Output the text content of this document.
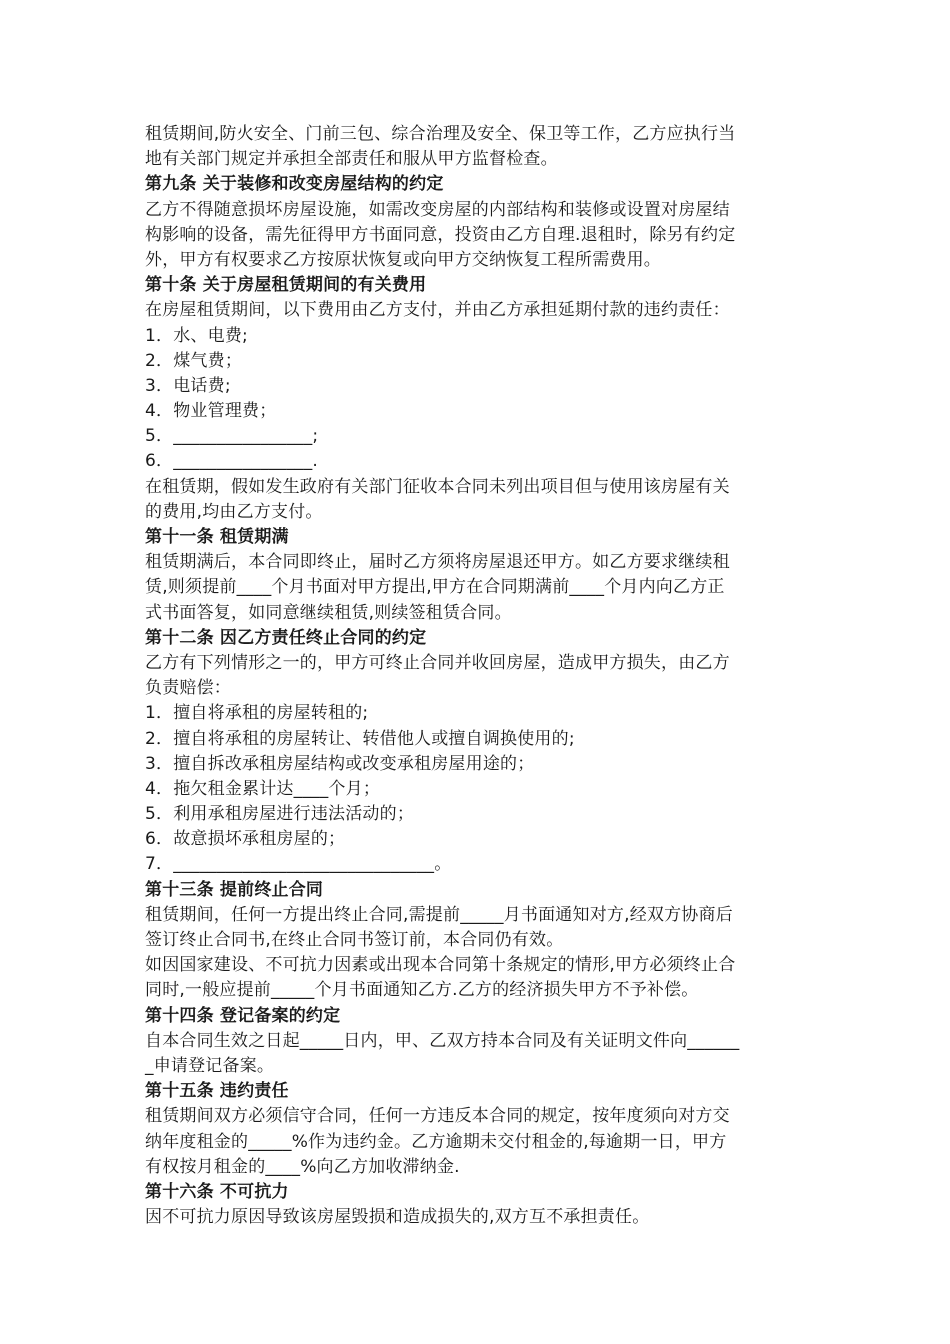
租赁期间,防火安全、门前三包、综合治理及安全、保卫等工作，乙方应执行当
地有关部门规定并承担全部责任和服从甲方监督检查。
第九条 关于装修和改变房屋结构的约定
乙方不得随意损坏房屋设施，如需改变房屋的内部结构和装修或设置对房屋结
构影响的设备，需先征得甲方书面同意，投资由乙方自理.退租时，除另有约定
外，甲方有权要求乙方按原状恢复或向甲方交纳恢复工程所需费用。
第十条 关于房屋租赁期间的有关费用
在房屋租赁期间，以下费用由乙方支付，并由乙方承担延期付款的违约责任：
1．水、电费;
2．煤气费；
3．电话费;
4．物业管理费；
5．________________;
6．________________.
在租赁期，假如发生政府有关部门征收本合同未列出项目但与使用该房屋有关
的费用,均由乙方支付。
第十一条 租赁期满
租赁期满后，本合同即终止，届时乙方须将房屋退还甲方。如乙方要求继续租
赁,则须提前____个月书面对甲方提出,甲方在合同期满前____个月内向乙方正
式书面答复，如同意继续租赁,则续签租赁合同。
第十二条 因乙方责任终止合同的约定
乙方有下列情形之一的，甲方可终止合同并收回房屋，造成甲方损失，由乙方
负责赔偿：
1．擅自将承租的房屋转租的;
2．擅自将承租的房屋转让、转借他人或擅自调换使用的;
3．擅自拆改承租房屋结构或改变承租房屋用途的；
4．拖欠租金累计达____个月；
5．利用承租房屋进行违法活动的；
6．故意损坏承租房屋的；
7．______________________________。
第十三条 提前终止合同
租赁期间，任何一方提出终止合同,需提前_____月书面通知对方,经双方协商后
签订终止合同书,在终止合同书签订前，本合同仍有效。
如因国家建设、不可抗力因素或出现本合同第十条规定的情形,甲方必须终止合
同时,一般应提前_____个月书面通知乙方.乙方的经济损失甲方不予补偿。
第十四条 登记备案的约定
自本合同生效之日起_____日内，甲、乙双方持本合同及有关证明文件向______
_申请登记备案。
第十五条 违约责任
租赁期间双方必须信守合同，任何一方违反本合同的规定，按年度须向对方交
纳年度租金的_____%作为违约金。乙方逾期未交付租金的,每逾期一日，甲方
有权按月租金的____%向乙方加收滞纳金.
第十六条 不可抗力
因不可抗力原因导致该房屋毁损和造成损失的,双方互不承担责任。
